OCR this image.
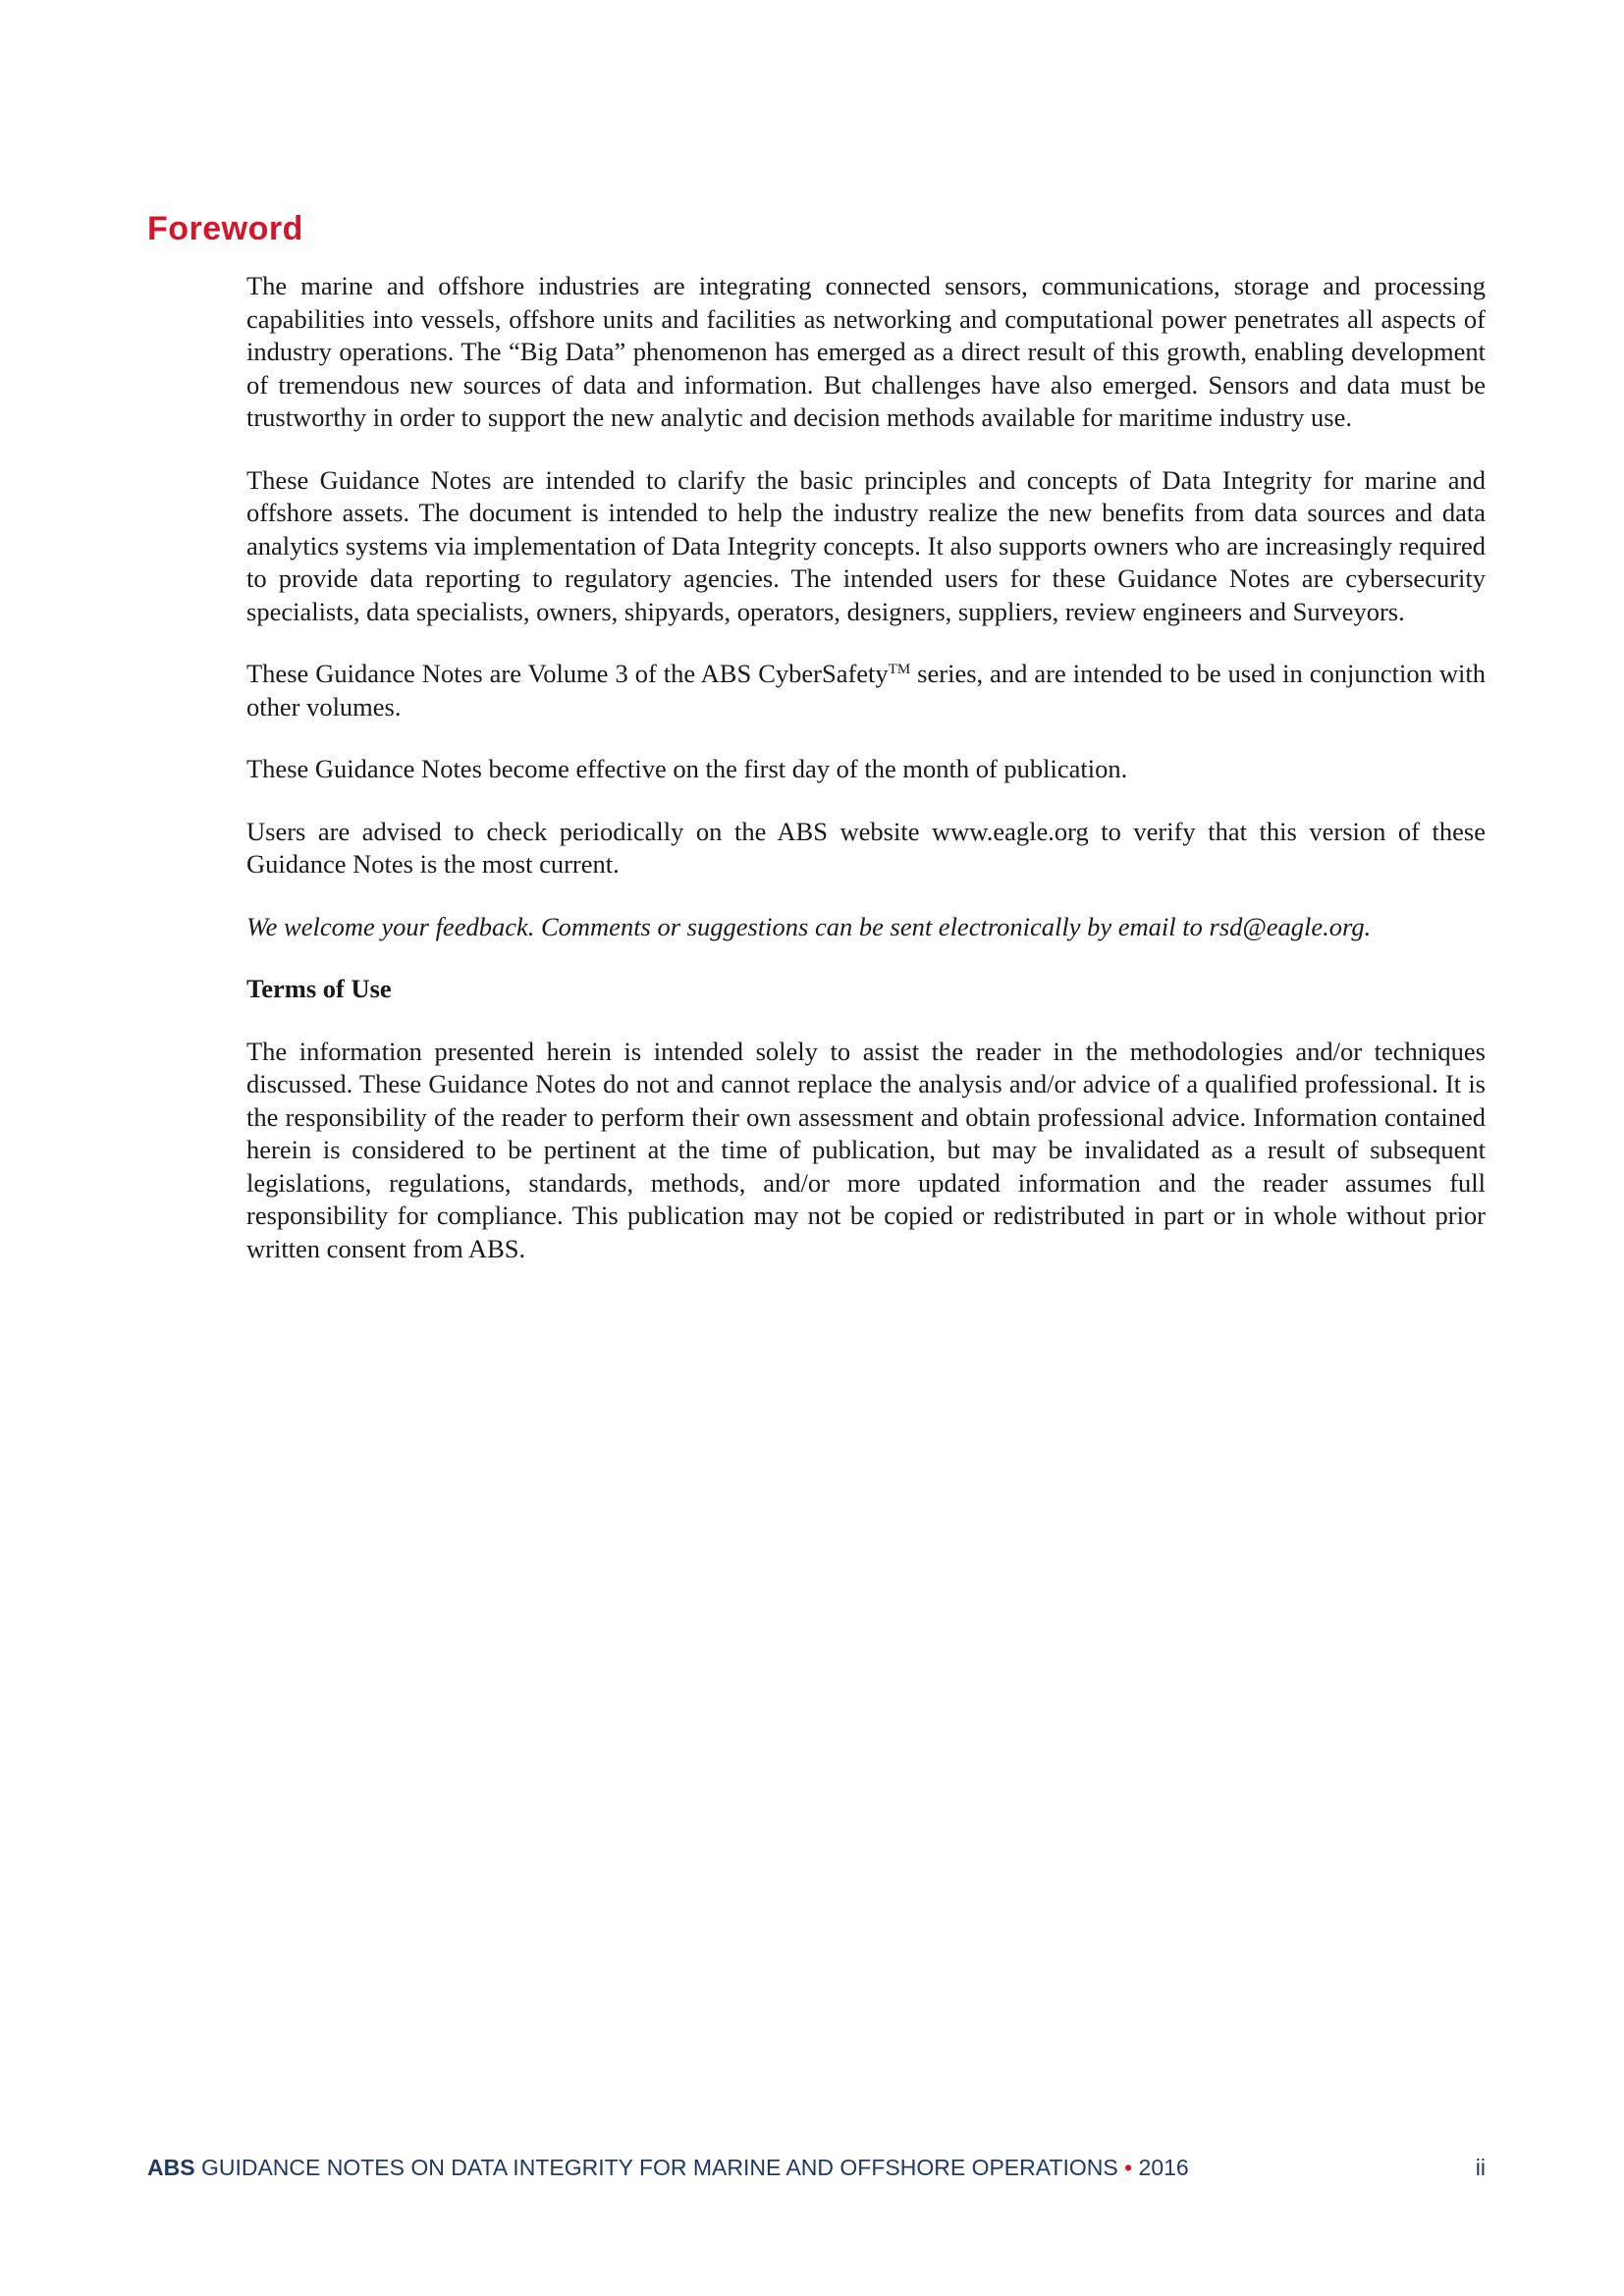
Foreword

The marine and offshore industries are integrating connected sensors, communications, storage and processing capabilities into vessels, offshore units and facilities as networking and computational power penetrates all aspects of industry operations. The “Big Data” phenomenon has emerged as a direct result of this growth, enabling development of tremendous new sources of data and information. But challenges have also emerged. Sensors and data must be trustworthy in order to support the new analytic and decision methods available for maritime industry use.

These Guidance Notes are intended to clarify the basic principles and concepts of Data Integrity for marine and offshore assets. The document is intended to help the industry realize the new benefits from data sources and data analytics systems via implementation of Data Integrity concepts. It also supports owners who are increasingly required to provide data reporting to regulatory agencies. The intended users for these Guidance Notes are cybersecurity specialists, data specialists, owners, shipyards, operators, designers, suppliers, review engineers and Surveyors.

These Guidance Notes are Volume 3 of the ABS CyberSafety™ series, and are intended to be used in conjunction with other volumes.

These Guidance Notes become effective on the first day of the month of publication.

Users are advised to check periodically on the ABS website www.eagle.org to verify that this version of these Guidance Notes is the most current.

We welcome your feedback. Comments or suggestions can be sent electronically by email to rsd@eagle.org.

Terms of Use

The information presented herein is intended solely to assist the reader in the methodologies and/or techniques discussed. These Guidance Notes do not and cannot replace the analysis and/or advice of a qualified professional. It is the responsibility of the reader to perform their own assessment and obtain professional advice. Information contained herein is considered to be pertinent at the time of publication, but may be invalidated as a result of subsequent legislations, regulations, standards, methods, and/or more updated information and the reader assumes full responsibility for compliance. This publication may not be copied or redistributed in part or in whole without prior written consent from ABS.

ABS GUIDANCE NOTES ON DATA INTEGRITY FOR MARINE AND OFFSHORE OPERATIONS • 2016	ii
